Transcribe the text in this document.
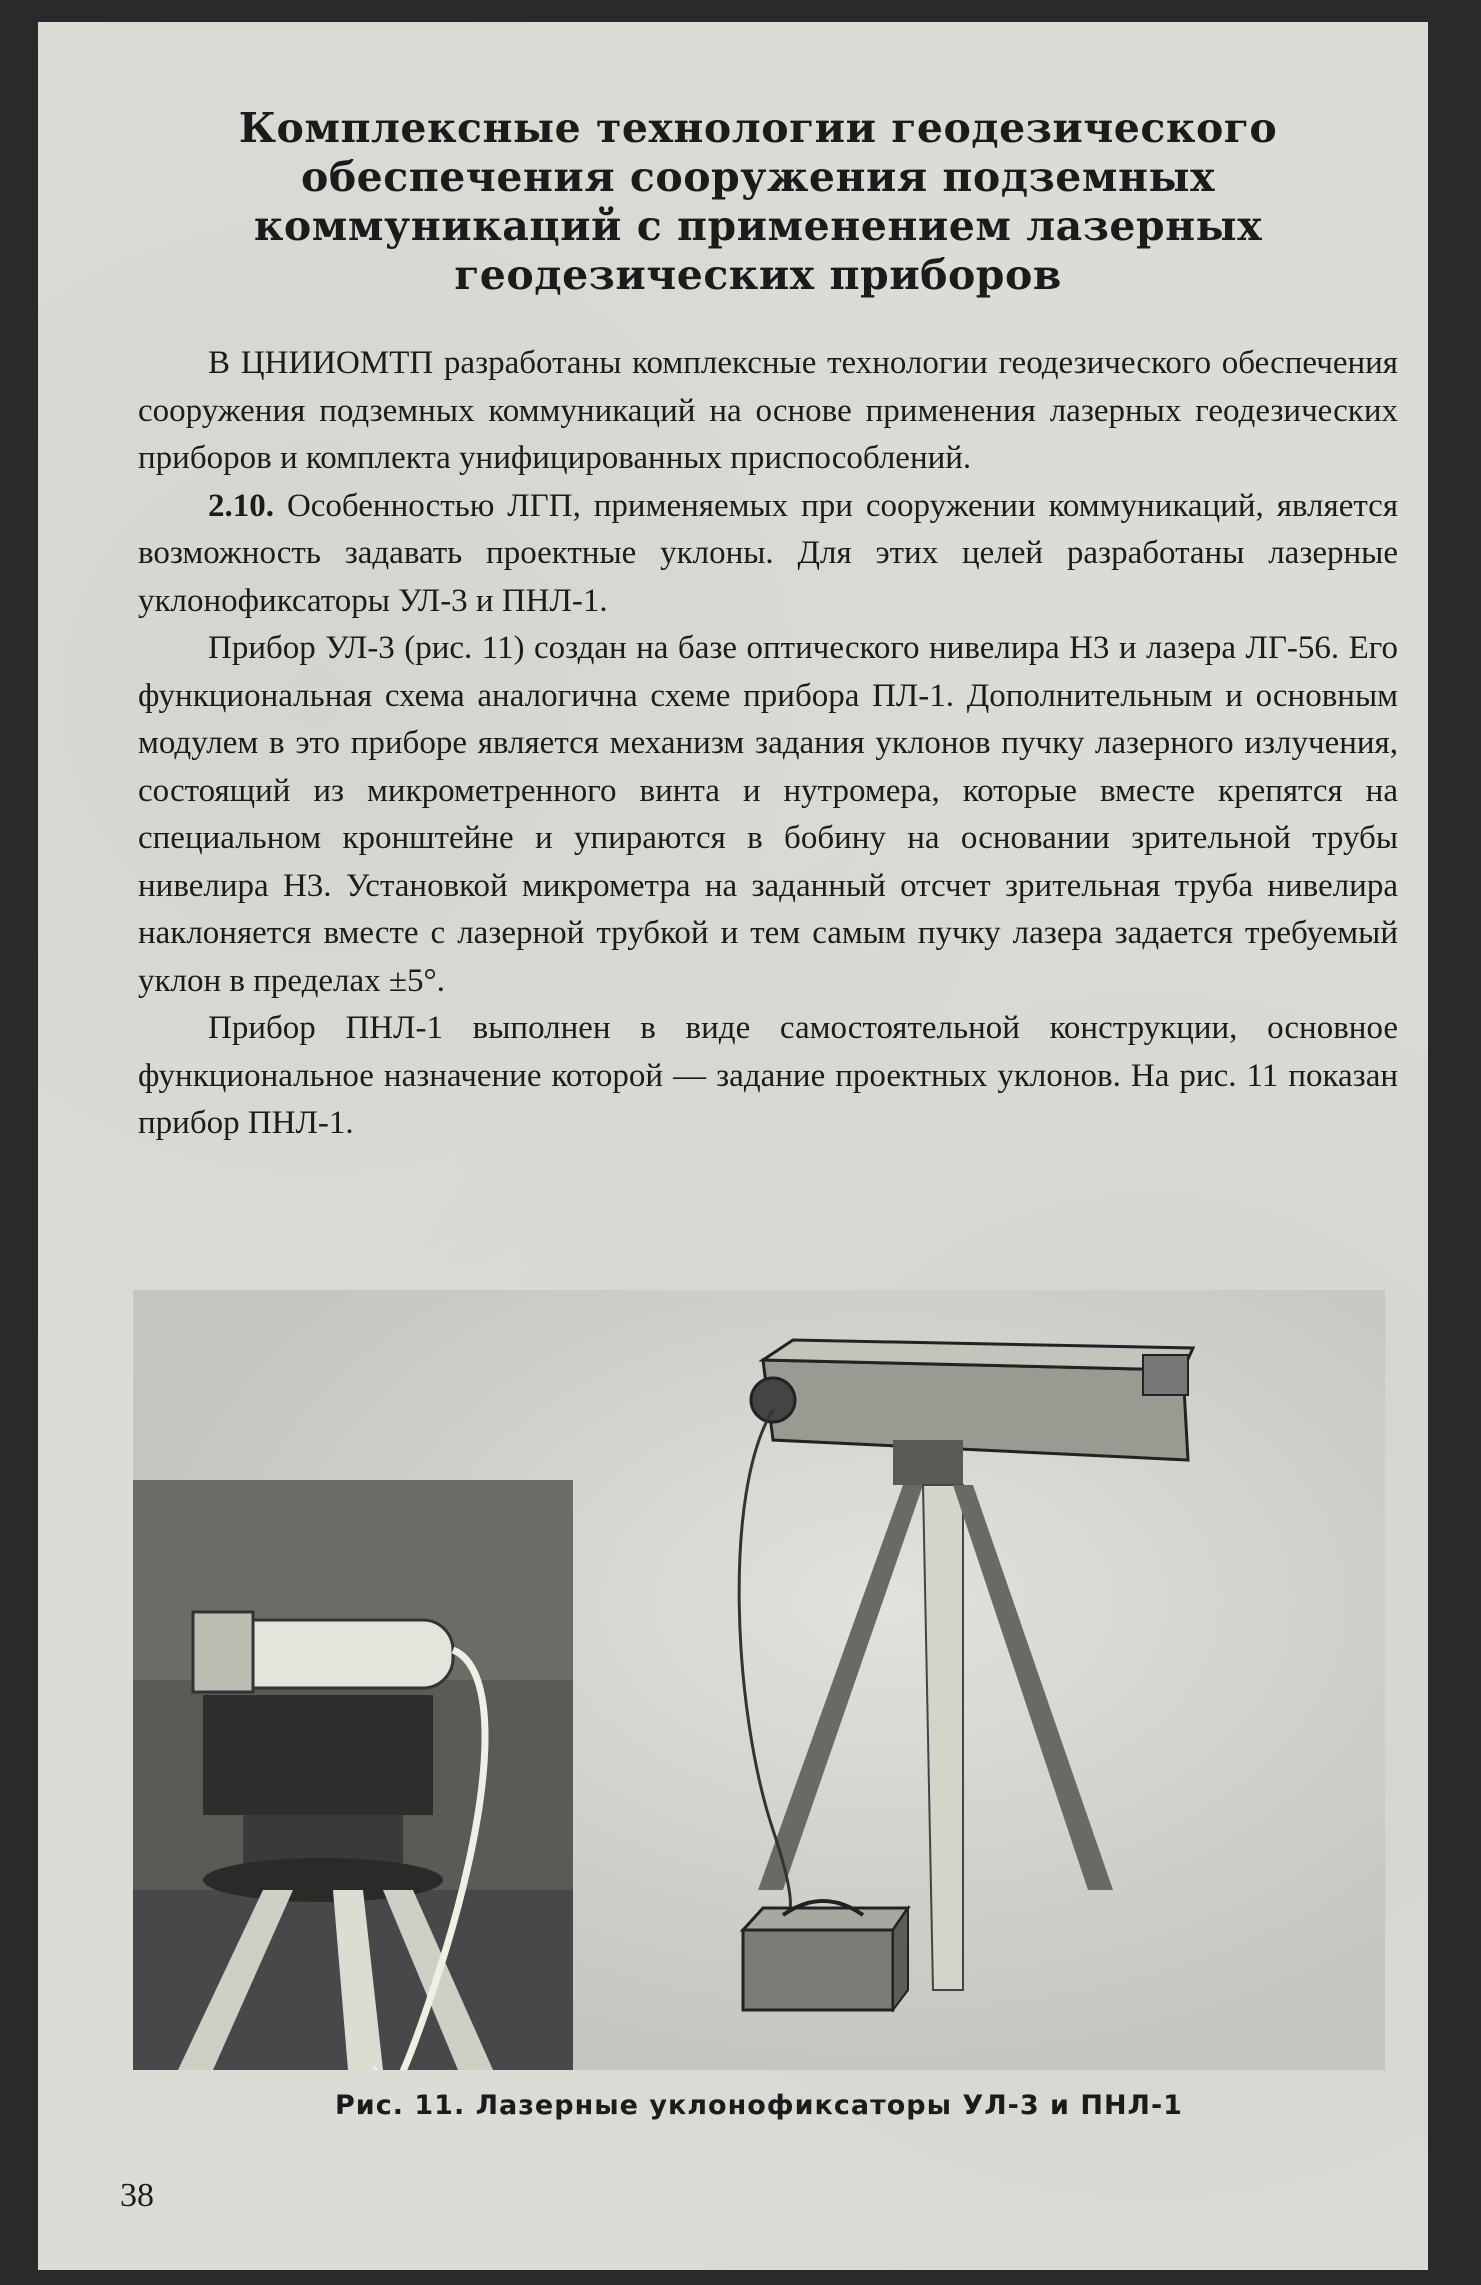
Комплексные технологии геодезического
обеспечения сооружения подземных
коммуникаций с применением лазерных
геодезических приборов

В ЦНИИОМТП разработаны комплексные технологии геодезического обеспечения сооружения подземных коммуникаций на основе применения лазерных геодезических приборов и комплекта унифицированных приспособлений.

2.10. Особенностью ЛГП, применяемых при сооружении коммуникаций, является возможность задавать проектные уклоны. Для этих целей разработаны лазерные уклонофиксаторы УЛ-3 и ПНЛ-1.

Прибор УЛ-3 (рис. 11) создан на базе оптического нивелира Н3 и лазера ЛГ-56. Его функциональная схема аналогична схеме прибора ПЛ-1. Дополнительным и основным модулем в это приборе является механизм задания уклонов пучку лазерного излучения, состоящий из микрометренного винта и нутромера, которые вместе крепятся на специальном кронштейне и упираются в бобину на основании зрительной трубы нивелира Н3. Установкой микрометра на заданный отсчет зрительная труба нивелира наклоняется вместе с лазерной трубкой и тем самым пучку лазера задается требуемый уклон в пределах ±5°.

Прибор ПНЛ-1 выполнен в виде самостоятельной конструкции, основное функциональное назначение которой — задание проектных уклонов. На рис. 11 показан прибор ПНЛ-1.

Рис. 11. Лазерные уклонофиксаторы УЛ-3 и ПНЛ-1
38
